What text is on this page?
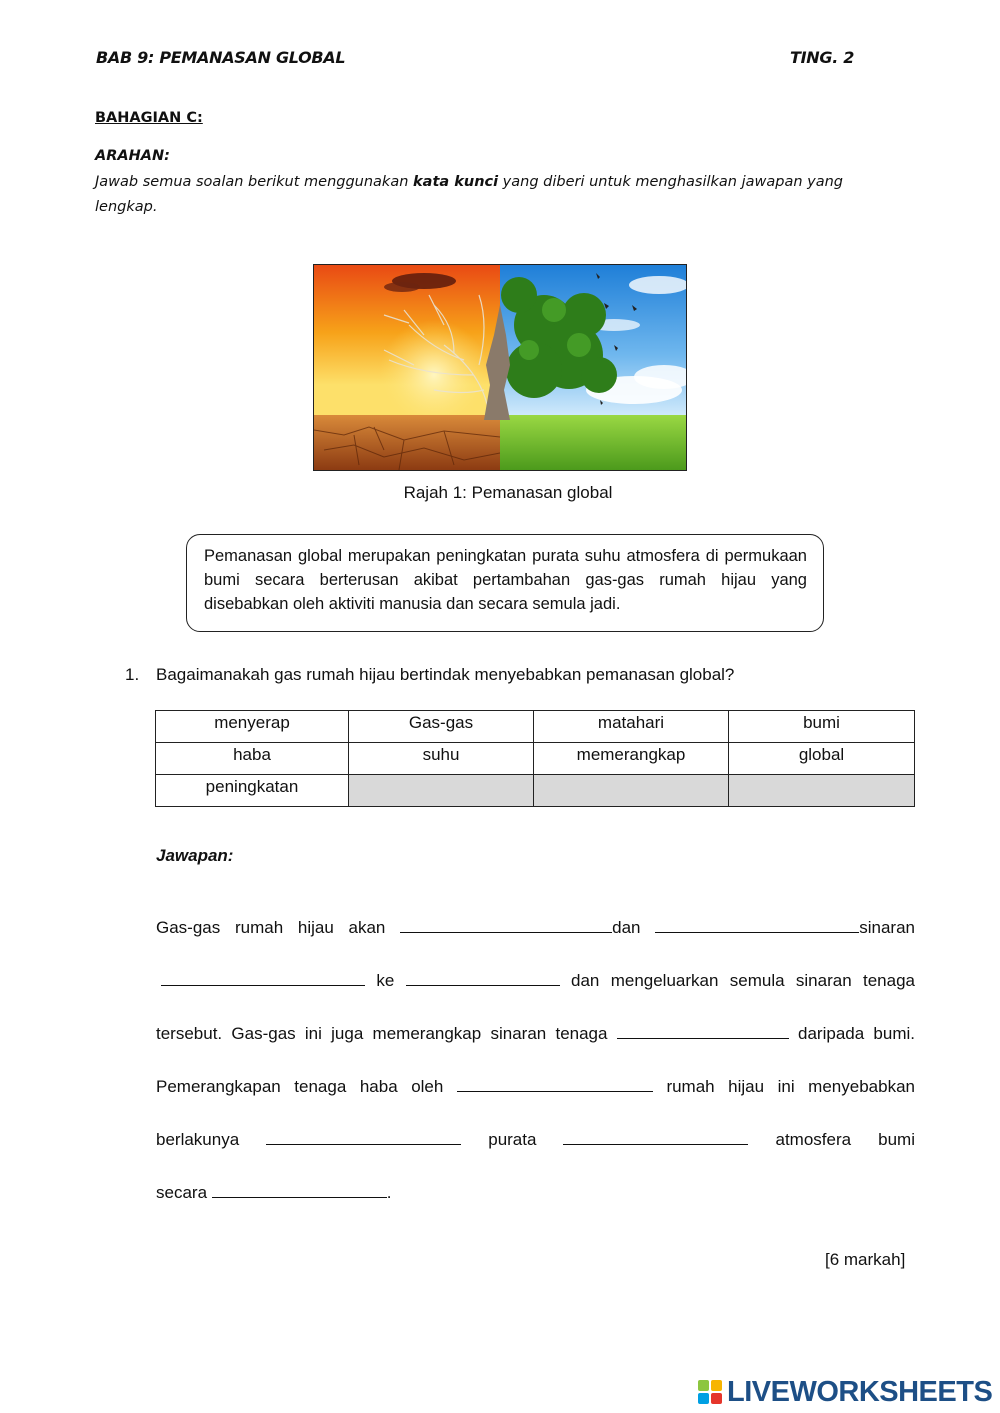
BAB 9: PEMANASAN GLOBAL	TING. 2
BAHAGIAN C:
ARAHAN:
Jawab semua soalan berikut menggunakan kata kunci yang diberi untuk menghasilkan jawapan yang lengkap.
Rajah 1: Pemanasan global
Pemanasan global merupakan peningkatan purata suhu atmosfera di permukaan bumi secara berterusan akibat pertambahan gas-gas rumah hijau yang disebabkan oleh aktiviti manusia dan secara semula jadi.
1. Bagaimanakah gas rumah hijau bertindak menyebabkan pemanasan global?
menyerap	Gas-gas	matahari	bumi
haba	suhu	memerangkap	global
peningkatan			
Jawapan:
Gas-gas rumah hijau akan	dan	sinaran
ke	dan mengeluarkan semula sinaran tenaga
tersebut. Gas-gas ini juga memerangkap sinaran tenaga	daripada bumi.
Pemerangkapan tenaga haba oleh	rumah hijau ini menyebabkan
berlakunya	purata	atmosfera bumi
secara	.
[6 markah]
LIVEWORKSHEETS
